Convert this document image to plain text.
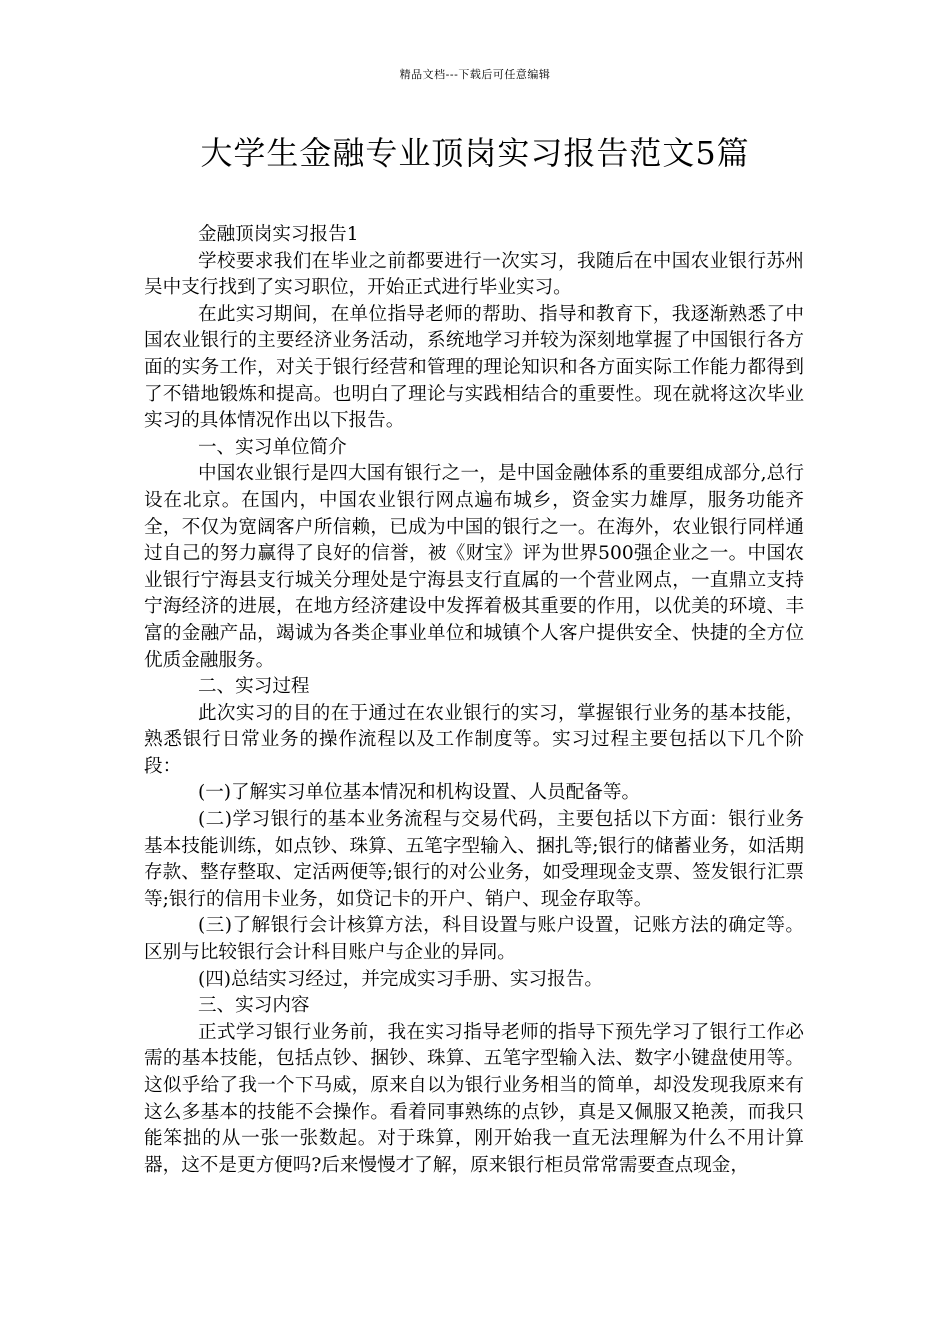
精品文档---下载后可任意编辑
大学生金融专业顶岗实习报告范文5篇

金融顶岗实习报告1

学校要求我们在毕业之前都要进行一次实习，我随后在中国农业银行苏州吴中支行找到了实习职位，开始正式进行毕业实习。

在此实习期间，在单位指导老师的帮助、指导和教育下，我逐渐熟悉了中国农业银行的主要经济业务活动，系统地学习并较为深刻地掌握了中国银行各方面的实务工作，对关于银行经营和管理的理论知识和各方面实际工作能力都得到了不错地锻炼和提高。也明白了理论与实践相结合的重要性。现在就将这次毕业实习的具体情况作出以下报告。

一、实习单位简介

中国农业银行是四大国有银行之一，是中国金融体系的重要组成部分,总行设在北京。在国内，中国农业银行网点遍布城乡，资金实力雄厚，服务功能齐全，不仅为宽阔客户所信赖，已成为中国的银行之一。在海外，农业银行同样通过自己的努力赢得了良好的信誉，被《财宝》评为世界500强企业之一。中国农业银行宁海县支行城关分理处是宁海县支行直属的一个营业网点，一直鼎立支持宁海经济的进展，在地方经济建设中发挥着极其重要的作用，以优美的环境、丰富的金融产品，竭诚为各类企事业单位和城镇个人客户提供安全、快捷的全方位优质金融服务。

二、实习过程

此次实习的目的在于通过在农业银行的实习，掌握银行业务的基本技能，熟悉银行日常业务的操作流程以及工作制度等。实习过程主要包括以下几个阶段：

(一)了解实习单位基本情况和机构设置、人员配备等。

(二)学习银行的基本业务流程与交易代码，主要包括以下方面：银行业务基本技能训练，如点钞、珠算、五笔字型输入、捆扎等;银行的储蓄业务，如活期存款、整存整取、定活两便等;银行的对公业务，如受理现金支票、签发银行汇票等;银行的信用卡业务，如贷记卡的开户、销户、现金存取等。

(三)了解银行会计核算方法，科目设置与账户设置，记账方法的确定等。区别与比较银行会计科目账户与企业的异同。

(四)总结实习经过，并完成实习手册、实习报告。

三、实习内容

正式学习银行业务前，我在实习指导老师的指导下预先学习了银行工作必需的基本技能，包括点钞、捆钞、珠算、五笔字型输入法、数字小键盘使用等。这似乎给了我一个下马威，原来自以为银行业务相当的简单，却没发现我原来有这么多基本的技能不会操作。看着同事熟练的点钞，真是又佩服又艳羡，而我只能笨拙的从一张一张数起。对于珠算，刚开始我一直无法理解为什么不用计算器，这不是更方便吗?后来慢慢才了解，原来银行柜员常常需要查点现金，
